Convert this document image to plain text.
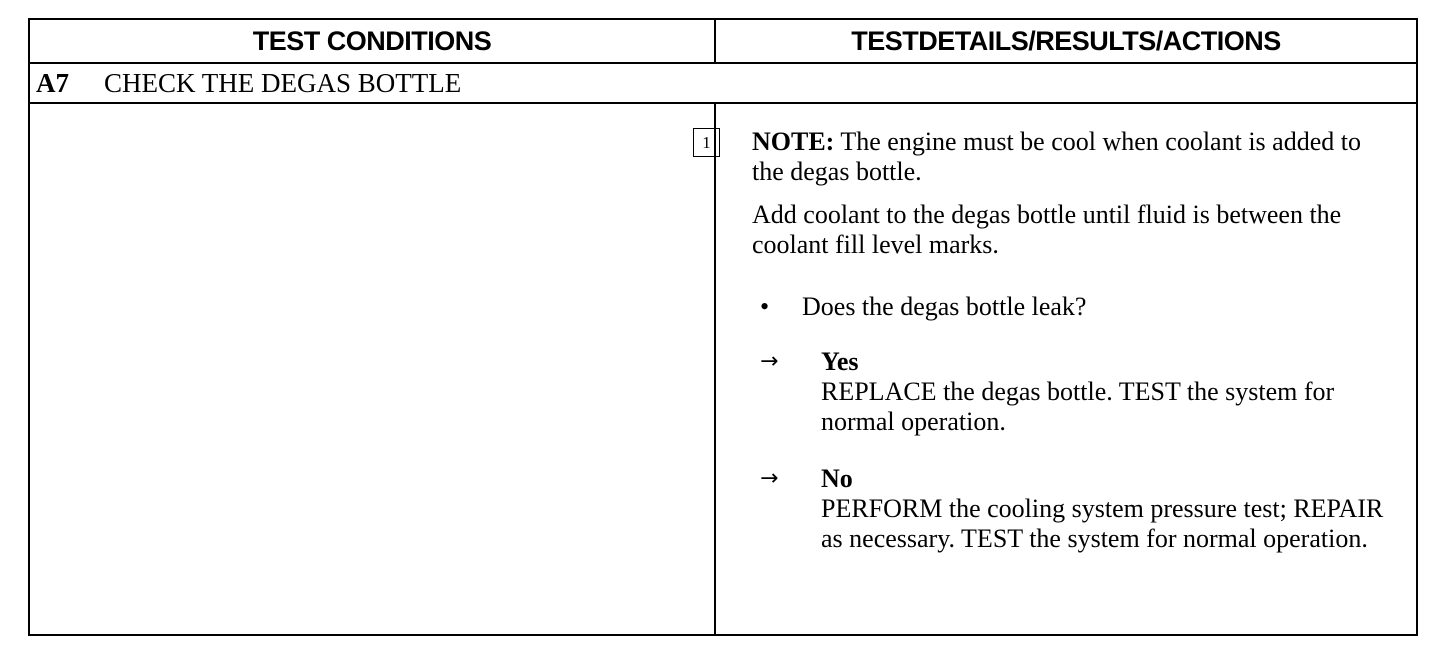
TEST CONDITIONS	TESTDETAILS/RESULTS/ACTIONS
A7	CHECK THE DEGAS BOTTLE
1	NOTE: The engine must be cool when coolant is added to the degas bottle.

Add coolant to the degas bottle until fluid is between the coolant fill level marks.

•	Does the degas bottle leak?
→	Yes
REPLACE the degas bottle. TEST the system for normal operation.
→	No
PERFORM the cooling system pressure test; REPAIR as necessary. TEST the system for normal operation.
